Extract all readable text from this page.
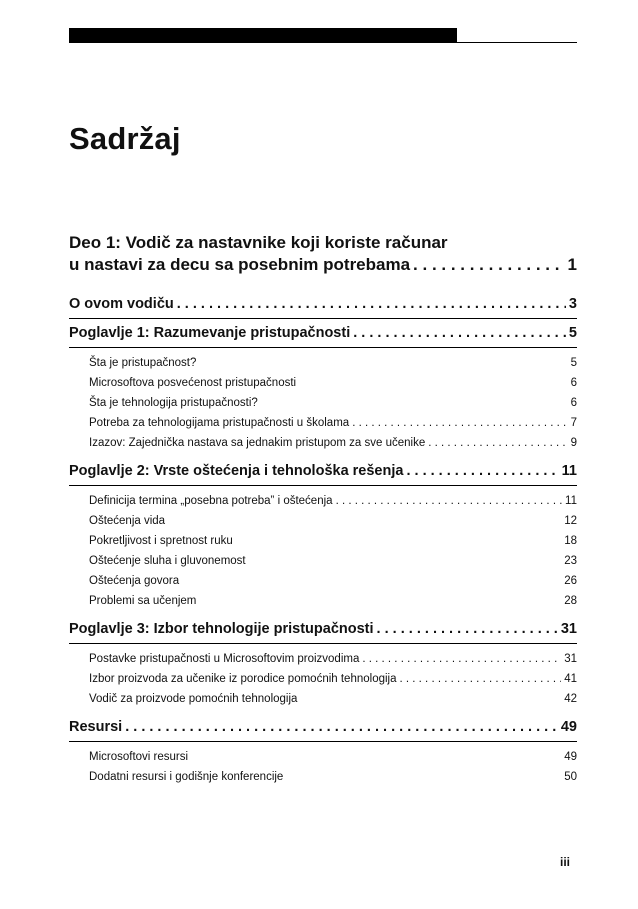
Sadržaj
Deo 1: Vodič za nastavnike koji koriste računar
u nastavi za decu sa posebnim potrebama . . .	1
O ovom vodiču . . .	3
Poglavlje 1: Razumevanje pristupačnosti . . .	5
Šta je pristupačnost?	5
Microsoftova posvećenost pristupačnosti	6
Šta je tehnologija pristupačnosti?	6
Potreba za tehnologijama pristupačnosti u školama . . .	7
Izazov: Zajednička nastava sa jednakim pristupom za sve učenike . . .	9
Poglavlje 2: Vrste oštećenja i tehnološka rešenja . . .	11
Definicija termina „posebna potreba” i oštećenja . . .	11
Oštećenja vida	12
Pokretljivost i spretnost ruku	18
Oštećenje sluha i gluvonemost	23
Oštećenja govora	26
Problemi sa učenjem	28
Poglavlje 3: Izbor tehnologije pristupačnosti . . .	31
Postavke pristupačnosti u Microsoftovim proizvodima . . .	31
Izbor proizvoda za učenike iz porodice pomoćnih tehnologija . . .	41
Vodič za proizvode pomoćnih tehnologija	42
Resursi . . .	49
Microsoftovi resursi	49
Dodatni resursi i godišnje konferencije	50
iii
